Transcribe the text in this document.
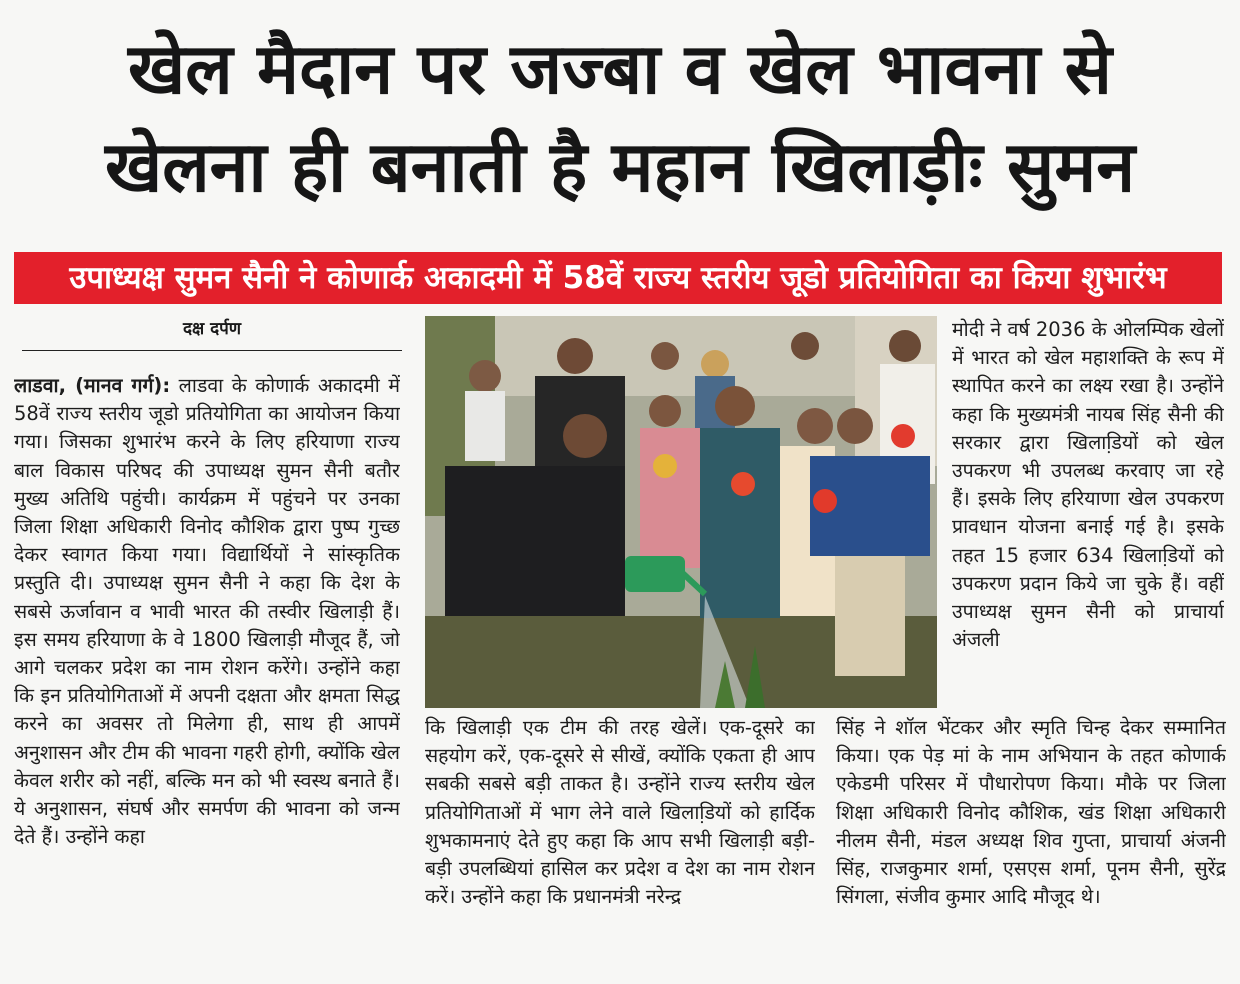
खेल मैदान पर जज्बा व खेल भावना से
खेलना ही बनाती है महान खिलाड़ीः सुमन
उपाध्यक्ष सुमन सैनी ने कोणार्क अकादमी में 58वें राज्य स्तरीय जूडो प्रतियोगिता का किया शुभारंभ
दक्ष दर्पण

लाडवा, (मानव गर्ग): लाडवा के कोणार्क अकादमी में 58वें राज्य स्तरीय जूडो प्रतियोगिता का आयोजन किया गया। जिसका शुभारंभ करने के लिए हरियाणा राज्य बाल विकास परिषद की उपाध्यक्ष सुमन सैनी बतौर मुख्य अतिथि पहुंची। कार्यक्रम में पहुंचने पर उनका जिला शिक्षा अधिकारी विनोद कौशिक द्वारा पुष्प गुच्छ देकर स्वागत किया गया। विद्यार्थियों ने सांस्कृतिक प्रस्तुति दी। उपाध्यक्ष सुमन सैनी ने कहा कि देश के सबसे ऊर्जावान व भावी भारत की तस्वीर खिलाड़ी हैं। इस समय हरियाणा के वे 1800 खिलाड़ी मौजूद हैं, जो आगे चलकर प्रदेश का नाम रोशन करेंगे। उन्होंने कहा कि इन प्रतियोगिताओं में अपनी दक्षता और क्षमता सिद्ध करने का अवसर तो मिलेगा ही, साथ ही आपमें अनुशासन और टीम की भावना गहरी होगी, क्योंकि खेल केवल शरीर को नहीं, बल्कि मन को भी स्वस्थ बनाते हैं। ये अनुशासन, संघर्ष और समर्पण की भावना को जन्म देते हैं। उन्होंने कहा

कि खिलाड़ी एक टीम की तरह खेलें। एक-दूसरे का सहयोग करें, एक-दूसरे से सीखें, क्योंकि एकता ही आप सबकी सबसे बड़ी ताकत है। उन्होंने राज्य स्तरीय खेल प्रतियोगिताओं में भाग लेने वाले खिलाडि़यों को हार्दिक शुभकामनाएं देते हुए कहा कि आप सभी खिलाड़ी बड़ी-बड़ी उपलब्धियां हासिल कर प्रदेश व देश का नाम रोशन करें। उन्होंने कहा कि प्रधानमंत्री नरेन्द्र

मोदी ने वर्ष 2036 के ओलम्पिक खेलों में भारत को खेल महाशक्ति के रूप में स्थापित करने का लक्ष्य रखा है। उन्होंने कहा कि मुख्यमंत्री नायब सिंह सैनी की सरकार द्वारा खिलाडि़यों को खेल उपकरण भी उपलब्ध करवाए जा रहे हैं। इसके लिए हरियाणा खेल उपकरण प्रावधान योजना बनाई गई है। इसके तहत 15 हजार 634 खिलाडि़यों को उपकरण प्रदान किये जा चुके हैं। वहीं उपाध्यक्ष सुमन सैनी को प्राचार्या अंजली

सिंह ने शॉल भेंटकर और स्मृति चिन्ह देकर सम्मानित किया। एक पेड़ मां के नाम अभियान के तहत कोणार्क एकेडमी परिसर में पौधारोपण किया। मौके पर जिला शिक्षा अधिकारी विनोद कौशिक, खंड शिक्षा अधिकारी नीलम सैनी, मंडल अध्यक्ष शिव गुप्ता, प्राचार्या अंजनी सिंह, राजकुमार शर्मा, एसएस शर्मा, पूनम सैनी, सुरेंद्र सिंगला, संजीव कुमार आदि मौजूद थे।
